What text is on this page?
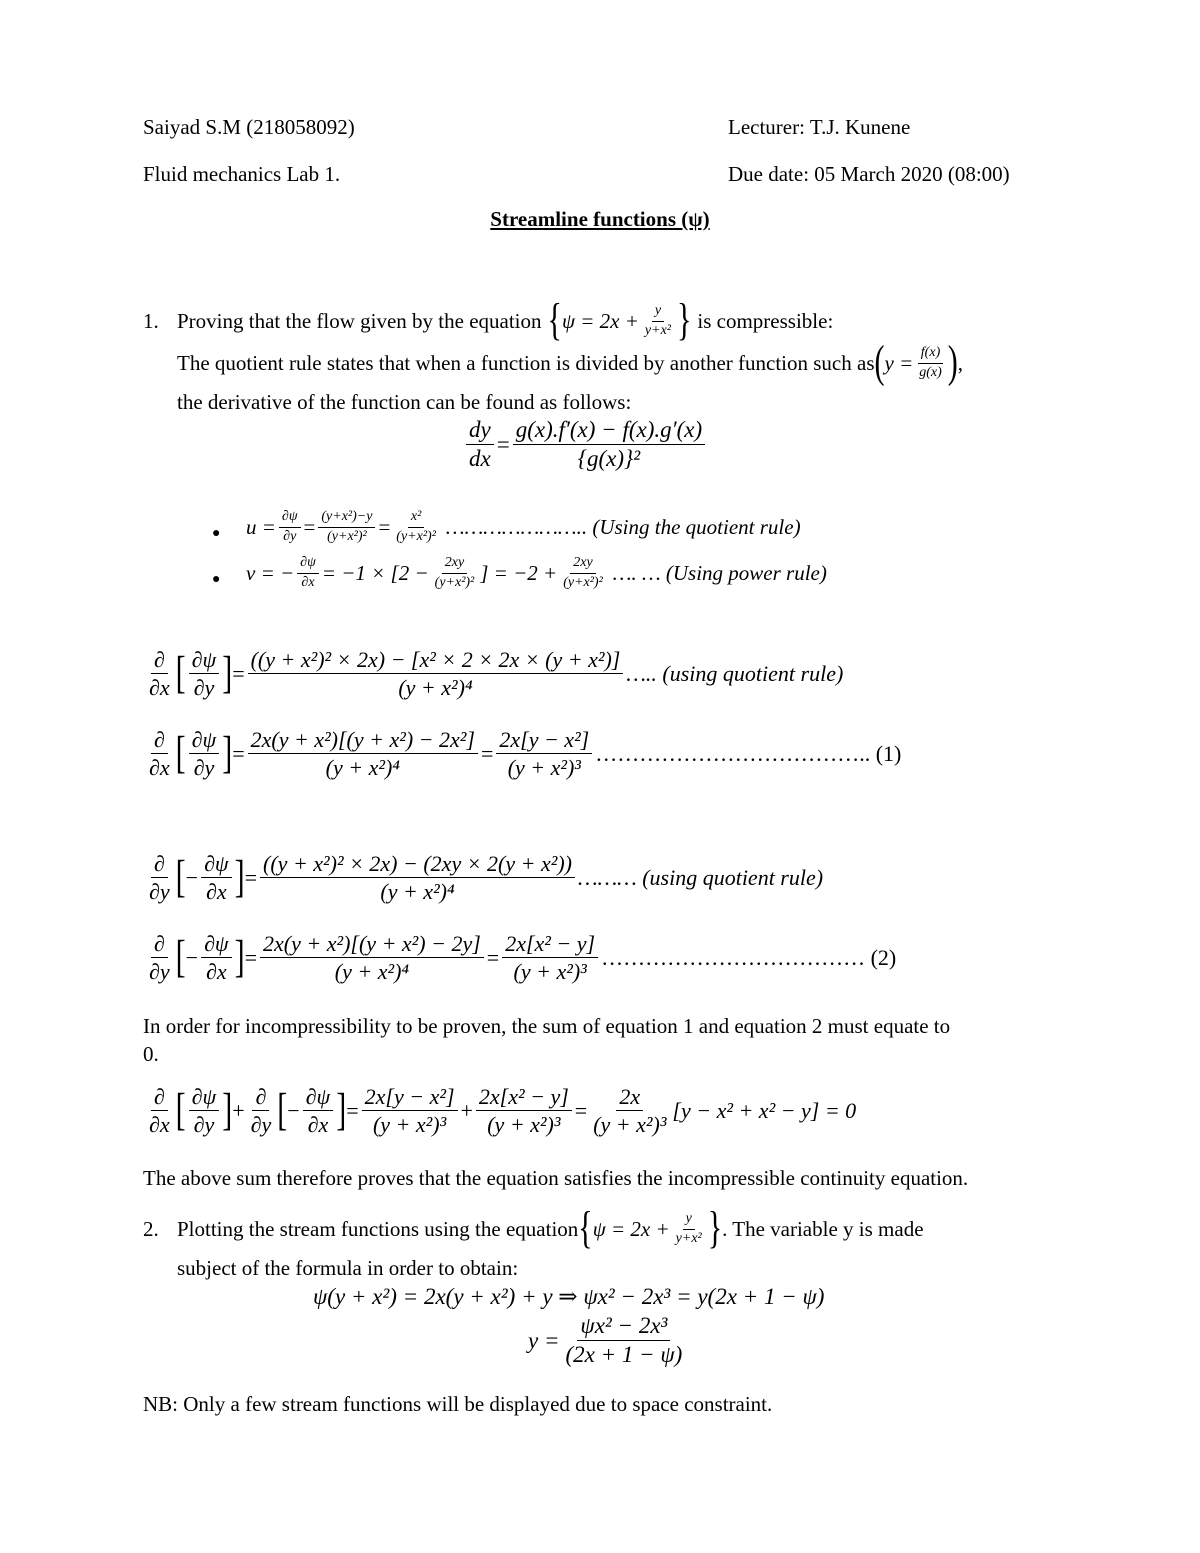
Saiyad S.M (218058092)	Lecturer: T.J. Kunene
Fluid mechanics Lab 1.	Due date: 05 March 2020 (08:00)
Streamline functions (ψ)
1. Proving that the flow given by the equation { $\psi = 2x + \frac{y}{\text{y+x²}}$ } is compressible:
The quotient rule states that when a function is divided by another function such as ( $y = \frac{f(x)}{g(x)}$ ) ,
the derivative of the function can be found as follows:
$\frac{dy}{dx} = \frac{g(x).f'(x) - f(x).g'(x)}{\text{\{g(x)\}²}}$
● $u = \frac{\partial\psi}{\partial y} = \frac{\text{(y+x²)−y}}{\text{(y+x²)²}} = \frac{\text{x²}}{\text{(y+x²)²}}$ ………………….. (Using the quotient rule)
● v = − $\frac{\partial\psi}{\partial x} = -1 \times [2 - \frac{2xy}{\text{(y+x²)²}}$ ] = $-2 + \frac{2xy}{\text{(y+x²)²}}$ …. … (Using power rule)
$\frac{\partial}{\partial x}$ [ $\frac{\partial\psi}{\partial y}$ ] = $\frac{\text{((y + x²)² × 2x) − [x² × 2 × 2x × (y + x²)]}}{\text{(y + x²)⁴}}$ ….. (using quotient rule)
$\frac{\partial}{\partial x}$ [ $\frac{\partial\psi}{\partial y}$ ] = $\frac{\text{2x(y + x²)[(y + x²) − 2x²]}}{\text{(y + x²)⁴}} = \frac{\text{2x[y − x²]}}{\text{(y + x²)³}}$ ……………………………….. (1)
$\frac{\partial}{\partial y}$ [ − $\frac{\partial\psi}{\partial x}$ ] = $\frac{\text{((y + x²)² × 2x) − (2xy × 2(y + x²))}}{\text{(y + x²)⁴}}$ ……… (using quotient rule)
$\frac{\partial}{\partial y}$ [ − $\frac{\partial\psi}{\partial x}$ ] = $\frac{\text{2x(y + x²)[(y + x²) − 2y]}}{\text{(y + x²)⁴}} = \frac{\text{2x[x² − y]}}{\text{(y + x²)³}}$ ……………………………… (2)
In order for incompressibility to be proven, the sum of equation 1 and equation 2 must equate to
0.
$\frac{\partial}{\partial x}$ [ $\frac{\partial\psi}{\partial y}$ ] + $\frac{\partial}{\partial y}$ [ − $\frac{\partial\psi}{\partial x}$ ] = $\frac{\text{2x[y − x²]}}{\text{(y + x²)³}} + \frac{\text{2x[x² − y]}}{\text{(y + x²)³}} = \frac{2x}{\text{(y + x²)³}} [y - x^2 + x^2 - y] = 0$
The above sum therefore proves that the equation satisfies the incompressible continuity equation.
2. Plotting the stream functions using the equation { $\psi = 2x + \frac{y}{\text{y+x²}}$ } . The variable y is made
subject of the formula in order to obtain:
ψ(y + x²) = 2x(y + x²) + y ⇒ ψx² − 2x³ = y(2x + 1 − ψ)
$y = \frac{\text{ψx² − 2x³}}{(2x + 1 - \psi)}$
NB: Only a few stream functions will be displayed due to space constraint.
